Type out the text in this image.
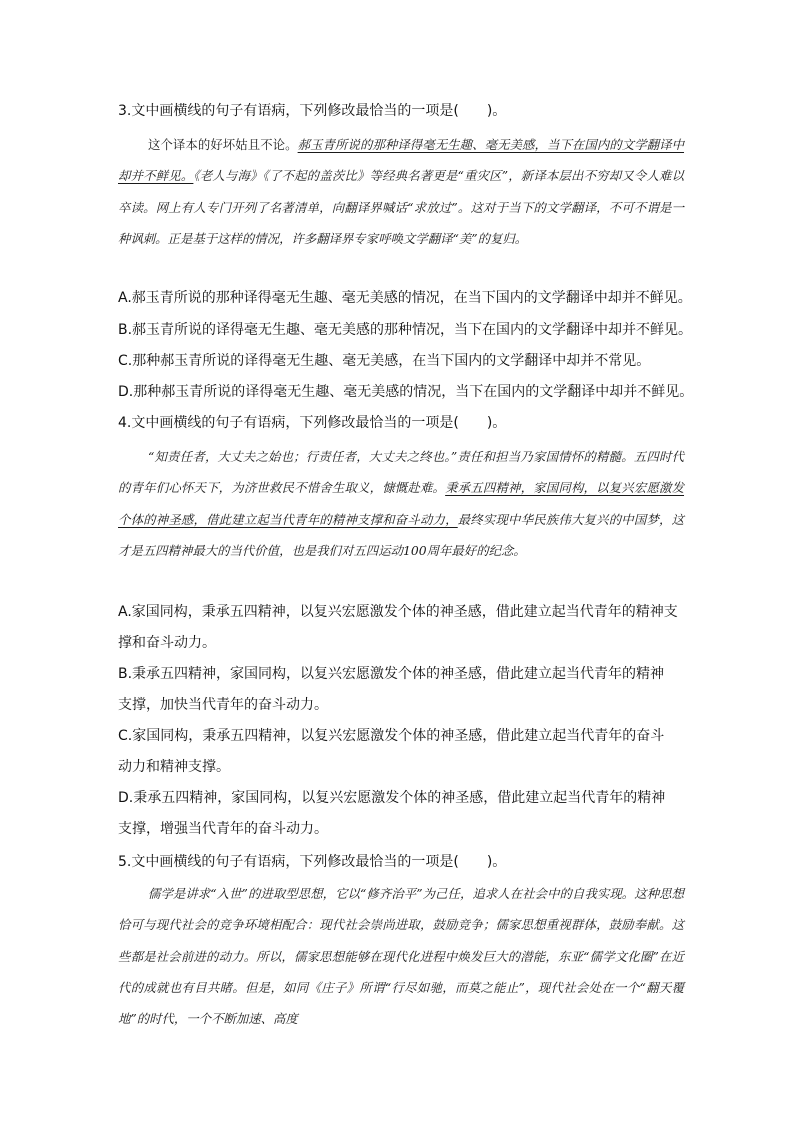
3.文中画横线的句子有语病，下列修改最恰当的一项是(　　)。
这个译本的好坏姑且不论。郝玉青所说的那种译得毫无生趣、毫无美感，当下在国内的文学翻译中却并不鲜见。《老人与海》《了不起的盖茨比》等经典名著更是“重灾区”，新译本层出不穷却又令人难以卒读。网上有人专门开列了名著清单，向翻译界喊话“求放过”。这对于当下的文学翻译，不可不谓是一种讽刺。正是基于这样的情况，许多翻译界专家呼唤文学翻译“美”的复归。
A.郝玉青所说的那种译得毫无生趣、毫无美感的情况，在当下国内的文学翻译中却并不鲜见。
B.郝玉青所说的译得毫无生趣、毫无美感的那种情况，当下在国内的文学翻译中却并不鲜见。
C.那种郝玉青所说的译得毫无生趣、毫无美感，在当下国内的文学翻译中却并不常见。
D.那种郝玉青所说的译得毫无生趣、毫无美感的情况，当下在国内的文学翻译中却并不鲜见。
4.文中画横线的句子有语病，下列修改最恰当的一项是(　　)。
“知责任者，大丈夫之始也；行责任者，大丈夫之终也。”责任和担当乃家国情怀的精髓。五四时代的青年们心怀天下，为济世救民不惜舍生取义，慷慨赴难。秉承五四精神，家国同构，以复兴宏愿激发个体的神圣感，借此建立起当代青年的精神支撑和奋斗动力，最终实现中华民族伟大复兴的中国梦，这才是五四精神最大的当代价值，也是我们对五四运动100周年最好的纪念。
A.家国同构，秉承五四精神，以复兴宏愿激发个体的神圣感，借此建立起当代青年的精神支撑和奋斗动力。
B.秉承五四精神，家国同构，以复兴宏愿激发个体的神圣感，借此建立起当代青年的精神支撑，加快当代青年的奋斗动力。
C.家国同构，秉承五四精神，以复兴宏愿激发个体的神圣感，借此建立起当代青年的奋斗动力和精神支撑。
D.秉承五四精神，家国同构，以复兴宏愿激发个体的神圣感，借此建立起当代青年的精神支撑，增强当代青年的奋斗动力。
5.文中画横线的句子有语病，下列修改最恰当的一项是(　　)。
儒学是讲求“入世”的进取型思想，它以“修齐治平”为己任，追求人在社会中的自我实现。这种思想恰可与现代社会的竞争环境相配合：现代社会崇尚进取，鼓励竞争；儒家思想重视群体，鼓励奉献。这些都是社会前进的动力。所以，儒家思想能够在现代化进程中焕发巨大的潜能，东亚“儒学文化圈”在近代的成就也有目共睹。但是，如同《庄子》所谓“行尽如驰，而莫之能止”，现代社会处在一个“翻天覆地”的时代，一个不断加速、高度
